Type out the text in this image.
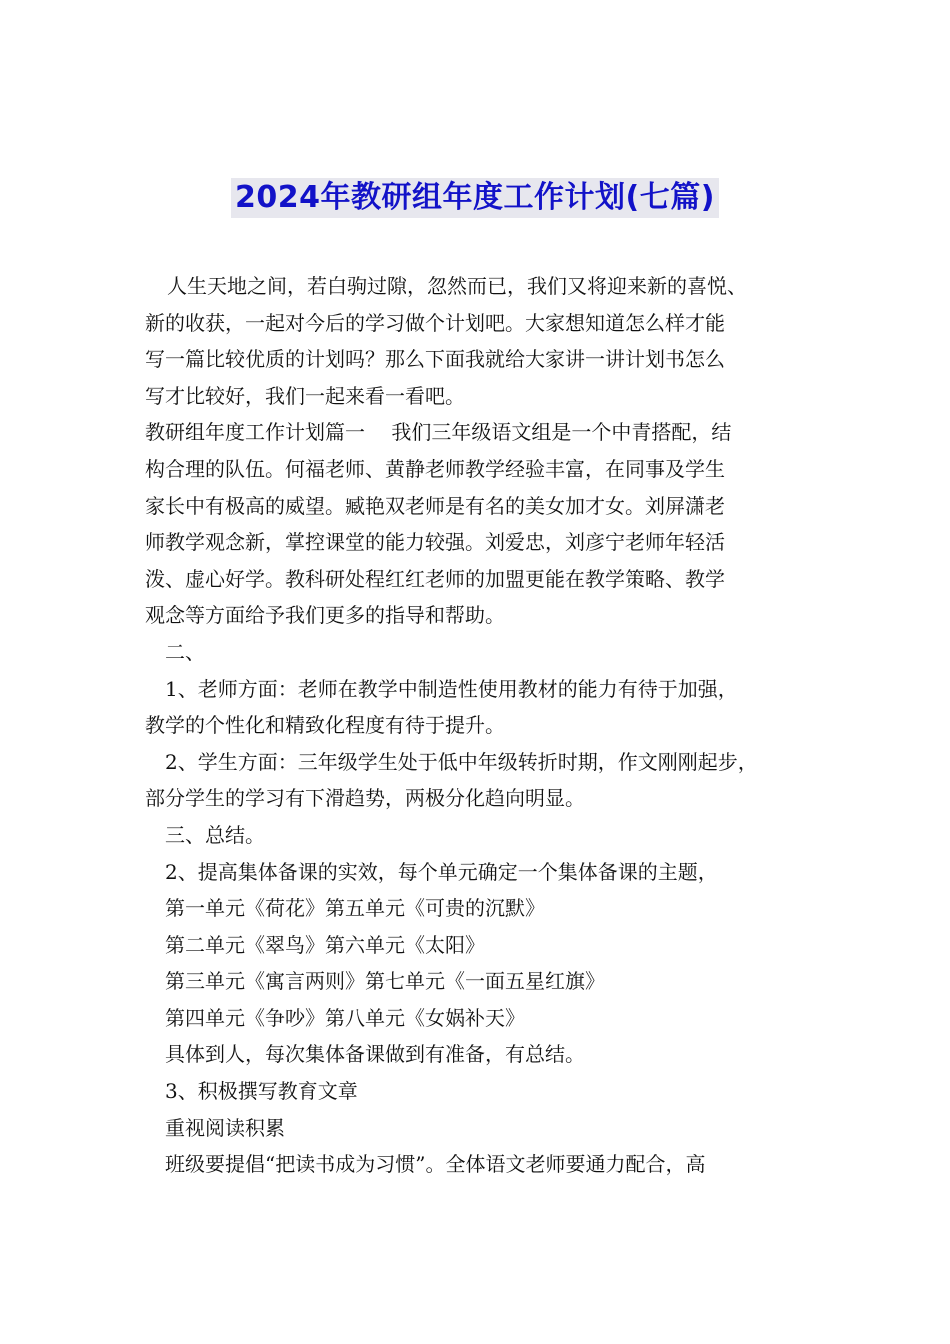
2024年教研组年度工作计划(七篇)
人生天地之间，若白驹过隙，忽然而已，我们又将迎来新的喜悦、
新的收获，一起对今后的学习做个计划吧。大家想知道怎么样才能
写一篇比较优质的计划吗？那么下面我就给大家讲一讲计划书怎么
写才比较好，我们一起来看一看吧。
教研组年度工作计划篇一　 我们三年级语文组是一个中青搭配，结
构合理的队伍。何福老师、黄静老师教学经验丰富，在同事及学生
家长中有极高的威望。臧艳双老师是有名的美女加才女。刘屏潇老
师教学观念新，掌控课堂的能力较强。刘爱忠，刘彦宁老师年轻活
泼、虚心好学。教科研处程红红老师的加盟更能在教学策略、教学
观念等方面给予我们更多的指导和帮助。
二、
1、老师方面：老师在教学中制造性使用教材的能力有待于加强，
教学的个性化和精致化程度有待于提升。
2、学生方面：三年级学生处于低中年级转折时期，作文刚刚起步，
部分学生的学习有下滑趋势，两极分化趋向明显。
三、总结。
2、提高集体备课的实效，每个单元确定一个集体备课的主题，
第一单元《荷花》第五单元《可贵的沉默》
第二单元《翠鸟》第六单元《太阳》
第三单元《寓言两则》第七单元《一面五星红旗》
第四单元《争吵》第八单元《女娲补天》
具体到人，每次集体备课做到有准备，有总结。
3、积极撰写教育文章
重视阅读积累
班级要提倡“把读书成为习惯”。全体语文老师要通力配合，高
